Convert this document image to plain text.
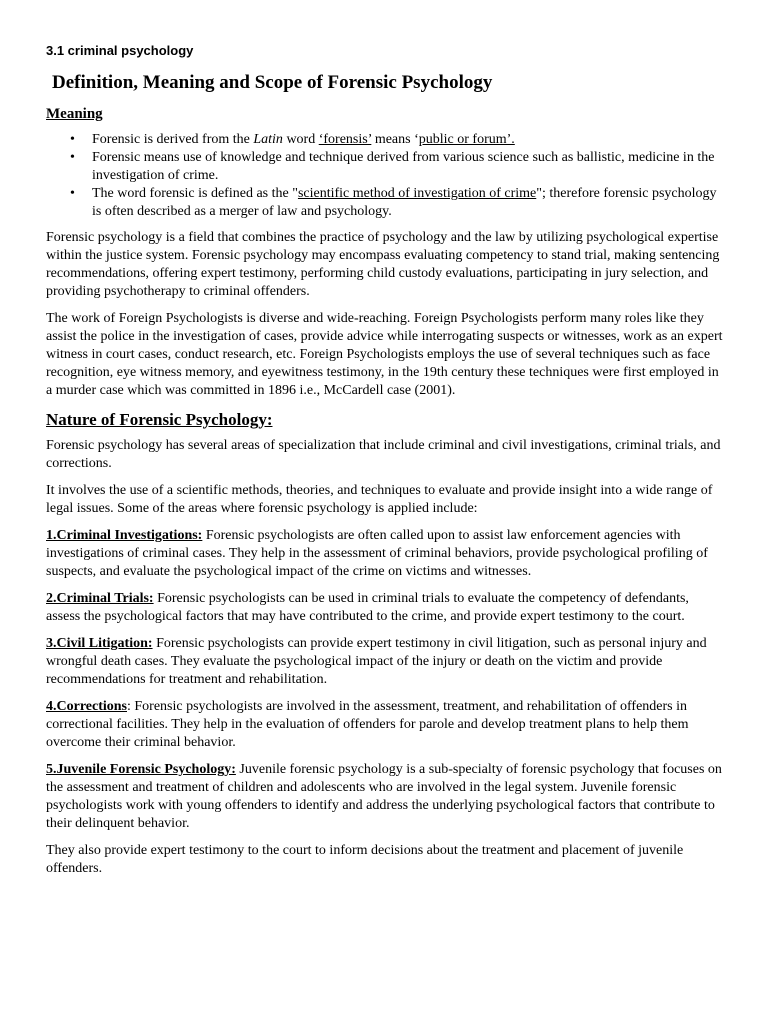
3.1 criminal psychology
Definition, Meaning and Scope of Forensic Psychology
Meaning
• Forensic is derived from the Latin word ‘forensis’ means ‘public or forum’.
• Forensic means use of knowledge and technique derived from various science such as ballistic, medicine in the investigation of crime.
• The word forensic is defined as the "scientific method of investigation of crime"; therefore forensic psychology is often described as a merger of law and psychology.

Forensic psychology is a field that combines the practice of psychology and the law by utilizing psychological expertise within the justice system. Forensic psychology may encompass evaluating competency to stand trial, making sentencing recommendations, offering expert testimony, performing child custody evaluations, participating in jury selection, and providing psychotherapy to criminal offenders.

The work of Foreign Psychologists is diverse and wide-reaching. Foreign Psychologists perform many roles like they assist the police in the investigation of cases, provide advice while interrogating suspects or witnesses, work as an expert witness in court cases, conduct research, etc. Foreign Psychologists employs the use of several techniques such as face recognition, eye witness memory, and eyewitness testimony, in the 19th century these techniques were first employed in a murder case which was committed in 1896 i.e., McCardell case (2001).

Nature of Forensic Psychology:

Forensic psychology has several areas of specialization that include criminal and civil investigations, criminal trials, and corrections.

It involves the use of a scientific methods, theories, and techniques to evaluate and provide insight into a wide range of legal issues. Some of the areas where forensic psychology is applied include:

1.Criminal Investigations: Forensic psychologists are often called upon to assist law enforcement agencies with investigations of criminal cases. They help in the assessment of criminal behaviors, provide psychological profiling of suspects, and evaluate the psychological impact of the crime on victims and witnesses.

2.Criminal Trials: Forensic psychologists can be used in criminal trials to evaluate the competency of defendants, assess the psychological factors that may have contributed to the crime, and provide expert testimony to the court.

3.Civil Litigation: Forensic psychologists can provide expert testimony in civil litigation, such as personal injury and wrongful death cases. They evaluate the psychological impact of the injury or death on the victim and provide recommendations for treatment and rehabilitation.

4.Corrections: Forensic psychologists are involved in the assessment, treatment, and rehabilitation of offenders in correctional facilities. They help in the evaluation of offenders for parole and develop treatment plans to help them overcome their criminal behavior.

5.Juvenile Forensic Psychology: Juvenile forensic psychology is a sub-specialty of forensic psychology that focuses on the assessment and treatment of children and adolescents who are involved in the legal system. Juvenile forensic psychologists work with young offenders to identify and address the underlying psychological factors that contribute to their delinquent behavior.

They also provide expert testimony to the court to inform decisions about the treatment and placement of juvenile offenders.
